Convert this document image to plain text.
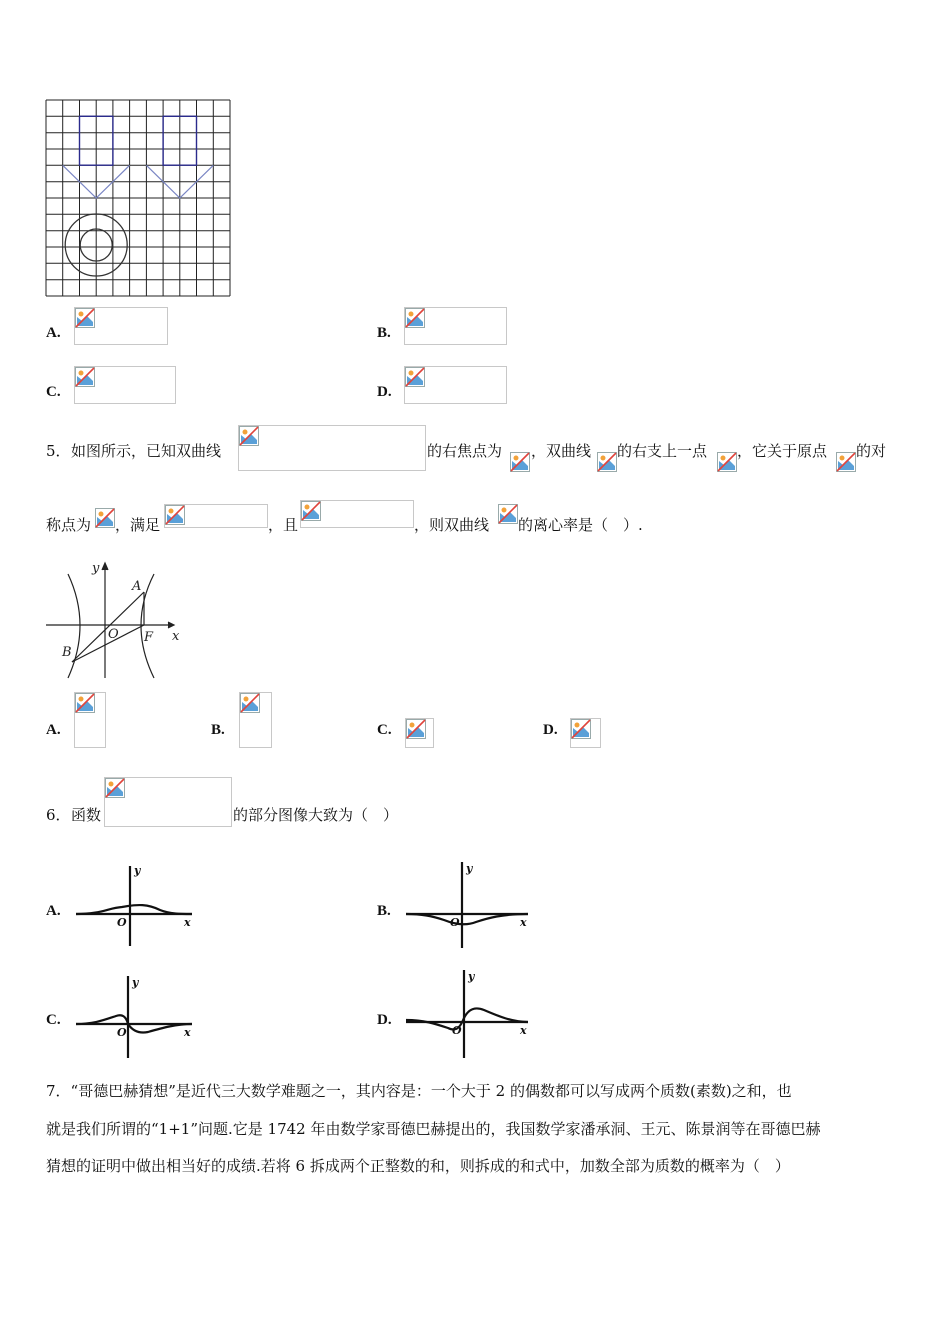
A.	B.
C.	D.
5． 如图所示，已知双曲线	的右焦点为 ，双曲线 的右支上一点 ，它关于原点 的对
称点为 ，满足	，且	，则双曲线 的离心率是（　）.
y
x
A
O F
B
A.	B.	C.	D.
6． 函数	的部分图像大致为（　）
A.
y
x
O
B.
y
x
O
C.
y
x
O
D.
y
x
O
7．“哥德巴赫猜想”是近代三大数学难题之一，其内容是：一个大于 2 的偶数都可以写成两个质数(素数)之和，也
就是我们所谓的“1+1”问题.它是 1742 年由数学家哥德巴赫提出的，我国数学家潘承洞、王元、陈景润等在哥德巴赫
猜想的证明中做出相当好的成绩.若将 6 拆成两个正整数的和，则拆成的和式中，加数全部为质数的概率为（　）
